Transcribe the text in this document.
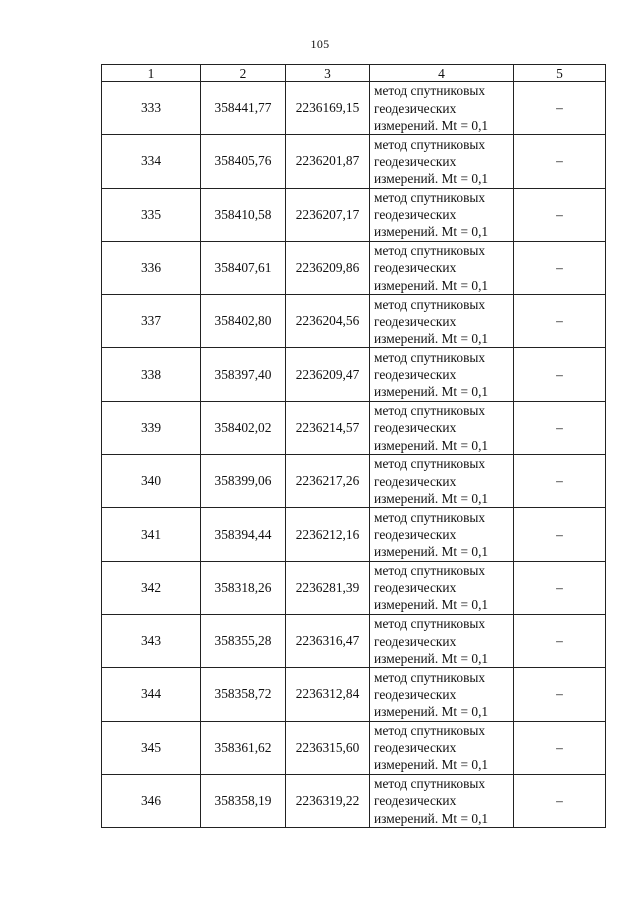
105
1	2	3	4	5
333	358441,77	2236169,15	метод спутниковых
геодезических
измерений. Mt = 0,1	–
334	358405,76	2236201,87	метод спутниковых
геодезических
измерений. Mt = 0,1	–
335	358410,58	2236207,17	метод спутниковых
геодезических
измерений. Mt = 0,1	–
336	358407,61	2236209,86	метод спутниковых
геодезических
измерений. Mt = 0,1	–
337	358402,80	2236204,56	метод спутниковых
геодезических
измерений. Mt = 0,1	–
338	358397,40	2236209,47	метод спутниковых
геодезических
измерений. Mt = 0,1	–
339	358402,02	2236214,57	метод спутниковых
геодезических
измерений. Mt = 0,1	–
340	358399,06	2236217,26	метод спутниковых
геодезических
измерений. Mt = 0,1	–
341	358394,44	2236212,16	метод спутниковых
геодезических
измерений. Mt = 0,1	–
342	358318,26	2236281,39	метод спутниковых
геодезических
измерений. Mt = 0,1	–
343	358355,28	2236316,47	метод спутниковых
геодезических
измерений. Mt = 0,1	–
344	358358,72	2236312,84	метод спутниковых
геодезических
измерений. Mt = 0,1	–
345	358361,62	2236315,60	метод спутниковых
геодезических
измерений. Mt = 0,1	–
346	358358,19	2236319,22	метод спутниковых
геодезических
измерений. Mt = 0,1	–
